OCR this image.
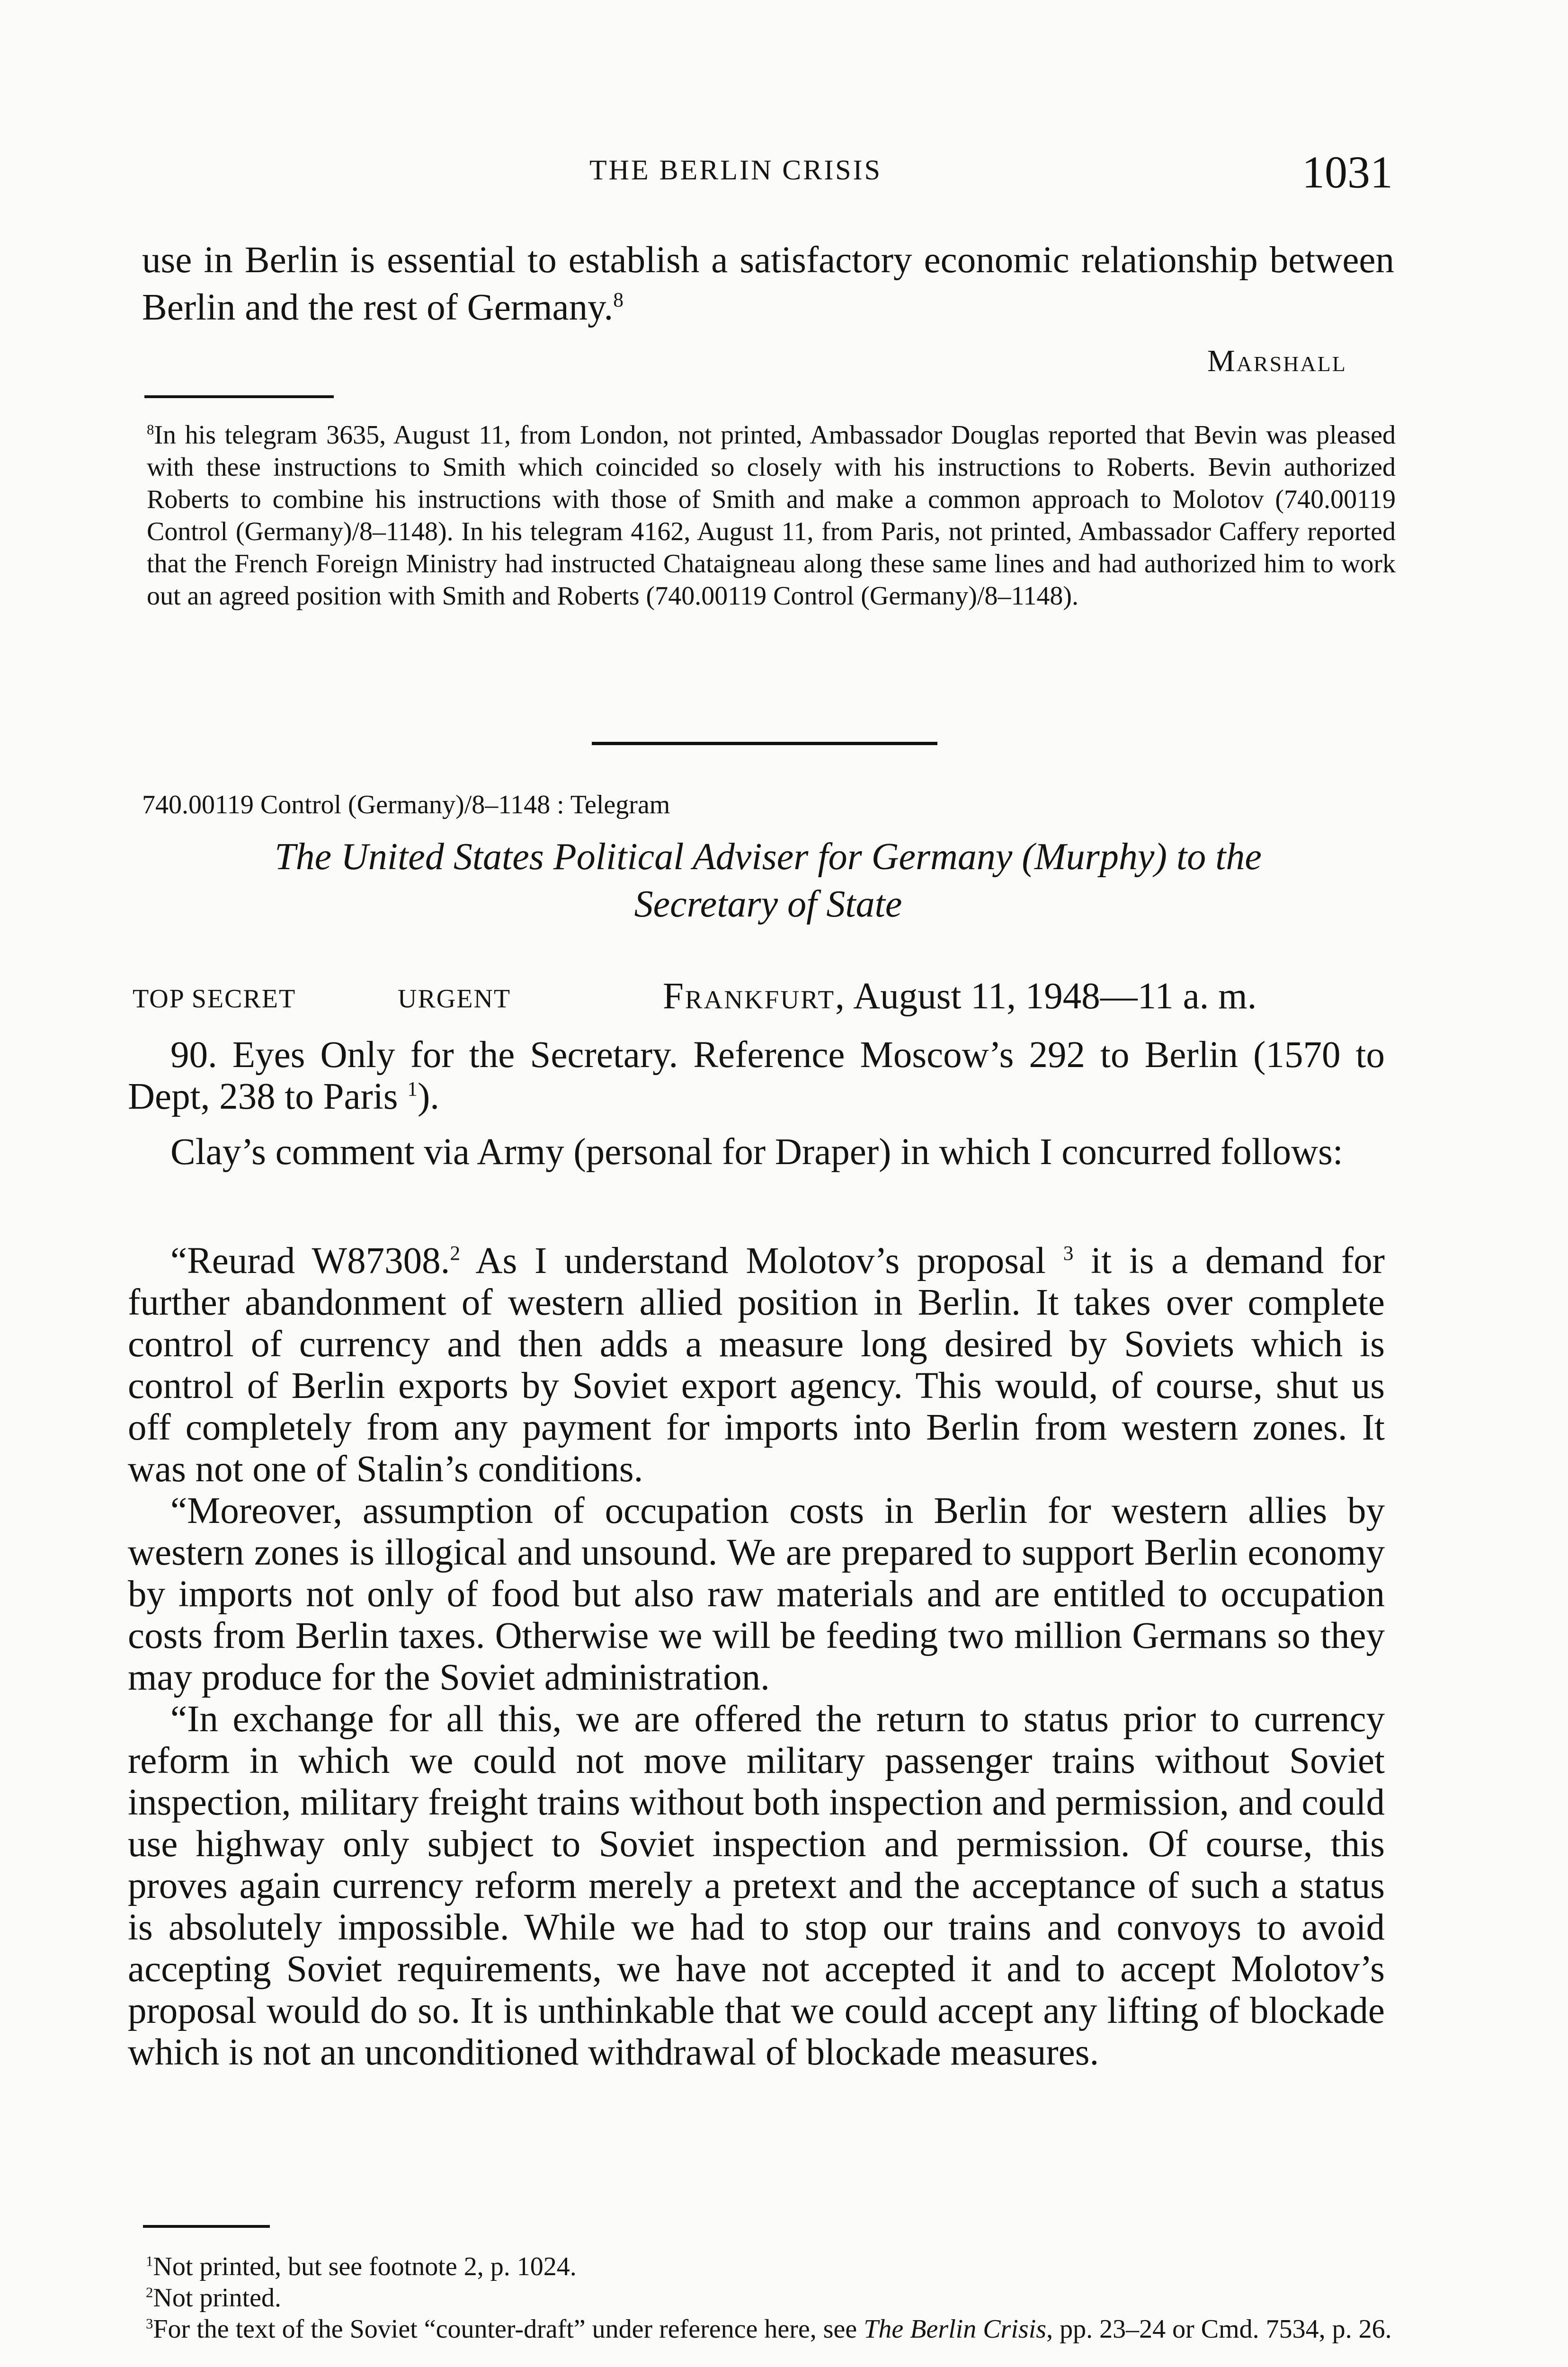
THE BERLIN CRISIS	1031

use in Berlin is essential to establish a satisfactory economic relationship between Berlin and the rest of Germany.$^8$

Marshall

$^8$In his telegram 3635, August 11, from London, not printed, Ambassador Douglas reported that Bevin was pleased with these instructions to Smith which coincided so closely with his instructions to Roberts. Bevin authorized Roberts to combine his instructions with those of Smith and make a common approach to Molotov (740.00119 Control (Germany)/8–1148). In his telegram 4162, August 11, from Paris, not printed, Ambassador Caffery reported that the French Foreign Ministry had instructed Chataigneau along these same lines and had authorized him to work out an agreed position with Smith and Roberts (740.00119 Control (Germany)/8–1148).

740.00119 Control (Germany)/8–1148 : Telegram
The United States Political Adviser for Germany (Murphy) to the
Secretary of State
TOP SECRET	URGENT	Frankfurt, August 11, 1948—11 a. m.

90. Eyes Only for the Secretary. Reference Moscow’s 292 to Berlin (1570 to Dept, 238 to Paris $^1$).

Clay’s comment via Army (personal for Draper) in which I concurred follows:

“Reurad W87308.$^2$ As I understand Molotov’s proposal $^3$ it is a demand for further abandonment of western allied position in Berlin. It takes over complete control of currency and then adds a measure long desired by Soviets which is control of Berlin exports by Soviet export agency. This would, of course, shut us off completely from any payment for imports into Berlin from western zones. It was not one of Stalin’s conditions.

“Moreover, assumption of occupation costs in Berlin for western allies by western zones is illogical and unsound. We are prepared to support Berlin economy by imports not only of food but also raw materials and are entitled to occupation costs from Berlin taxes. Otherwise we will be feeding two million Germans so they may produce for the Soviet administration.

“In exchange for all this, we are offered the return to status prior to currency reform in which we could not move military passenger trains without Soviet inspection, military freight trains without both inspection and permission, and could use highway only subject to Soviet inspection and permission. Of course, this proves again currency reform merely a pretext and the acceptance of such a status is absolutely impossible. While we had to stop our trains and convoys to avoid accepting Soviet requirements, we have not accepted it and to accept Molotov’s proposal would do so. It is unthinkable that we could accept any lifting of blockade which is not an unconditioned withdrawal of blockade measures.

$^1$Not printed, but see footnote 2, p. 1024.

$^2$Not printed.

$^3$For the text of the Soviet “counter-draft” under reference here, see The Berlin Crisis, pp. 23–24 or Cmd. 7534, p. 26.
